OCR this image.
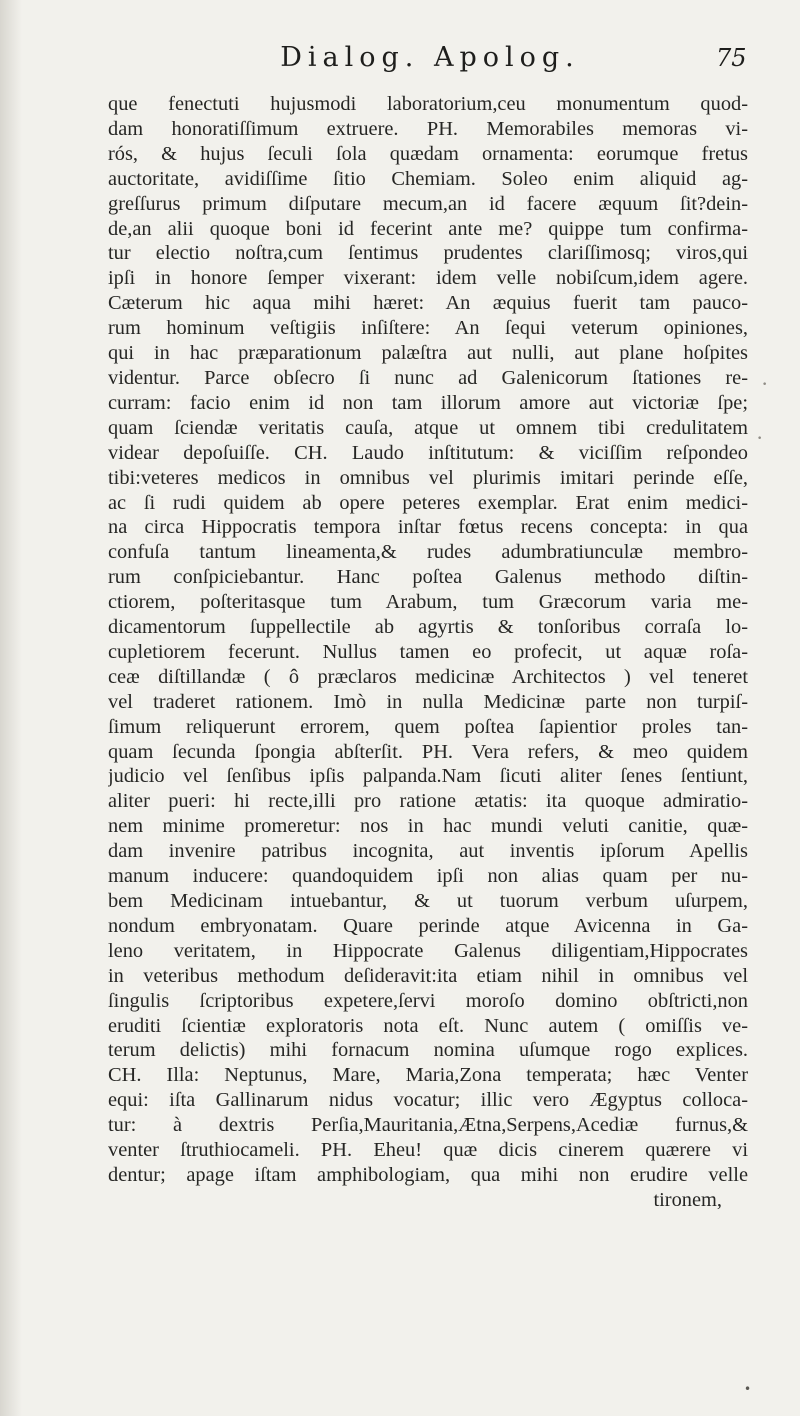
Dialog. Apolog.	75
que feneсtuti hujusmodi laboratorium,ceu monumentum quod-
dam honoratiſſimum extruere. PH. Memorabiles memoras vi-
rós, & hujus ſeculi ſola quædam ornamenta: eorumque fretus
auctoritate, avidiſſime ſitio Chemiam. Soleo enim aliquid ag-
greſſurus primum diſputare mecum,an id facere æquum ſit?dein-
de,an alii quoque boni id fecerint ante me? quippe tum confirma-
tur electio noſtra,cum ſentimus prudentes clariſſimosq; viros,qui
ipſi in honore ſemper vixerant: idem velle nobiſcum,idem agere.
Cæterum hic aqua mihi hæret: An æquius fuerit tam pauco-
rum hominum veſtigiis inſiſtere: An ſequi veterum opiniones,
qui in hac præparationum palæſtra aut nulli, aut plane hoſpites
videntur. Parce obſecro ſi nunc ad Galenicorum ſtationes re-
curram: facio enim id non tam illorum amore aut victoriæ ſpe;
quam ſciendæ veritatis cauſa, atque ut omnem tibi credulitatem
videar depoſuiſſe. CH. Laudo inſtitutum: & viciſſim reſpondeo
tibi:veteres medicos in omnibus vel plurimis imitari perinde eſſe,
ac ſi rudi quidem ab opere peteres exemplar. Erat enim medici-
na circa Hippocratis tempora inſtar fœtus recens concepta: in qua
confuſa tantum lineamenta,& rudes adumbratiunculæ membro-
rum conſpiciebantur. Hanc poſtea Galenus methodo diſtin-
ctiorem, poſteritasque tum Arabum, tum Græcorum varia me-
dicamentorum ſuppellectile ab agyrtis & tonſoribus corraſa lo-
cupletiorem fecerunt. Nullus tamen eo profecit, ut aquæ roſa-
ceæ diſtillandæ ( ô præclaros medicinæ Architectos ) vel teneret
vel traderet rationem. Imò in nulla Medicinæ parte non turpiſ-
ſimum reliquerunt errorem, quem poſtea ſapientior proles tan-
quam ſecunda ſpongia abſterſit. PH. Vera refers, & meo quidem
judicio vel ſenſibus ipſis palpanda.Nam ſicuti aliter ſenes ſentiunt,
aliter pueri: hi recte,illi pro ratione ætatis: ita quoque admiratio-
nem minime promeretur: nos in hac mundi veluti canitie, quæ-
dam invenire patribus incognita, aut inventis ipſorum Apellis
manum inducere: quandoquidem ipſi non alias quam per nu-
bem Medicinam intuebantur, & ut tuorum verbum uſurpem,
nondum embryonatam. Quare perinde atque Avicenna in Ga-
leno veritatem, in Hippocrate Galenus diligentiam,Hippocrates
in veteribus methodum deſideravit:ita etiam nihil in omnibus vel
ſingulis ſcriptoribus expetere,ſervi moroſo domino obſtricti,non
eruditi ſcientiæ exploratoris nota eſt. Nunc autem ( omiſſis ve-
terum delictis) mihi fornacum nomina uſumque rogo explices.
CH. Illa: Neptunus, Mare, Maria,Zona temperata; hæc Venter
equi: iſta Gallinarum nidus vocatur; illic vero Ægyptus colloca-
tur: à dextris Perſia,Mauritania,Ætna,Serpens,Acediæ furnus,&
venter ſtruthiocameli. PH. Eheu! quæ dicis cinerem quærere vi
dentur; apage iſtam amphibologiam, qua mihi non erudire velle
tironem,
•
•
•
